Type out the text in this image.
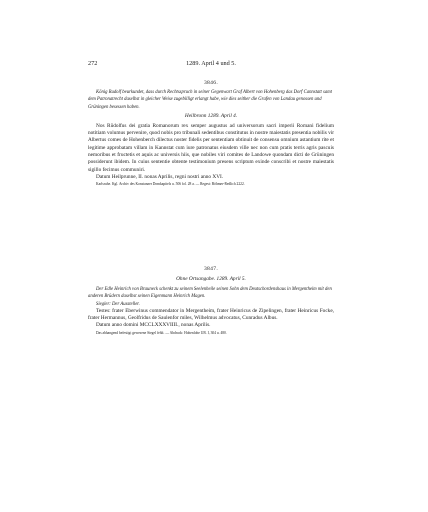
272	1289. April 4 und 5.
3846.
König Rudolf beurkundet, dass durch Rechtsspruch in seiner Gegenwart Graf Albert von Hohenberg das Dorf Cannstatt samt dem Patronatrecht daselbst in gleicher Weise zugebilligt erlangt habe, wie dies seither die Grafen von Landau genossen und Grüningen besessen haben.
Heilbronn 1289. April 4.
Nos Rŭdolfus dei gratia Romanorum rex semper augustus ad universorum sacri imperii Romani fidelium notitiam volumus pervenire, quod nobis pro tribunali sedentibus constitutus in nostre maiestatis presentia nobilis vir Albertus comes de Hohenberch dilectus noster fidelis per sententiam obtinuit de consensu omnium astantium rite et legitime approbatam villam in Kannstat cum iure patronatus eiusdem ville nec non cum pratis terris agris pascuis nemoribus et fructetis et aquis ac universis hiis, que nobiles viri comites de Landowe quondam dicti de Grüningen possiderunt ibidem. In cuius sententie obtente testimonium presens scriptum exinde conscribi et nostre maiestatis sigillo fecimus communiri.
Datum Heilprunne, II. nonas Aprilis, regni nostri anno XVI.
Karlsruhe. Kgl. Archiv des Konstanzer Domkapitels u. 506 fol. 28 a. — Regest: Böhmer-Redlich 2222.
3847.
Ohne Ortsangabe. 1289. April 5.
Der Edle Heinrich von Brauneck schenkt zu seinem Seelenheile seinen Sohn dem Deutschordenshaus in Mergentheim mit den anderen Brüdern daselbst seinen Eigenmann Heinrich Magen.
Siegler: Der Aussteller.
Testes: frater Eberwinus commendator in Mergentheim, frater Heinricus de Zipelingen, frater Heinricus Focke, frater Hermannus, Geolfridus de Saulenfor miles, Wilhelmus advocatus, Cunradus Albus.
Datum anno domini MCCLXXXVIIII., nonas Aprilis.
Das abhangend befestigt gewesene Siegel fehlt. — Abdruck: Hohenlohe UB. I, 304 u. 480.
